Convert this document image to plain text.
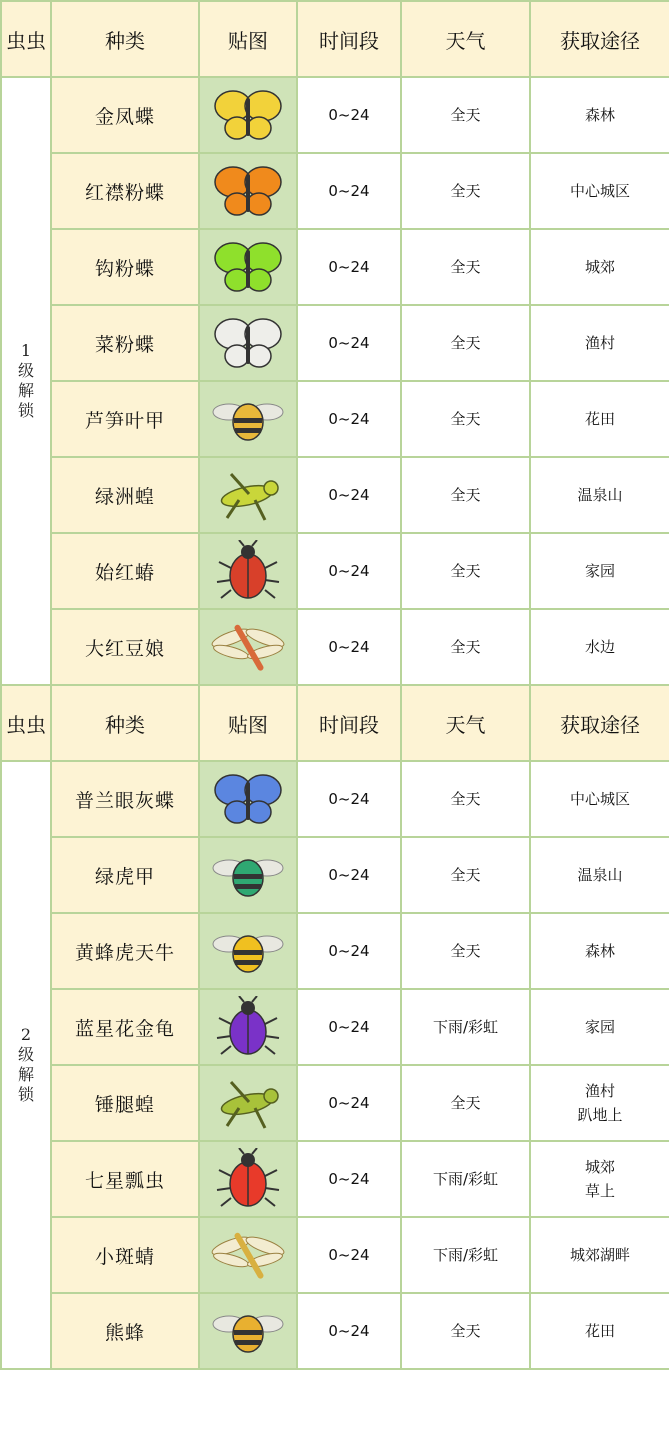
虫虫	种类	贴图	时间段	天气	获取途径

1
级
解
锁	金凤蝶		0~24	全天	森林
	红襟粉蝶		0~24	全天	中心城区
	钩粉蝶		0~24	全天	城郊
	菜粉蝶		0~24	全天	渔村
	芦笋叶甲		0~24	全天	花田
	绿洲蝗		0~24	全天	温泉山
	始红蝽		0~24	全天	家园
	大红豆娘		0~24	全天	水边
虫虫	种类	贴图	时间段	天气	获取途径

2
级
解
锁	普兰眼灰蝶		0~24	全天	中心城区
	绿虎甲		0~24	全天	温泉山
	黄蜂虎天牛		0~24	全天	森林
	蓝星花金龟		0~24	下雨/彩虹	家园
	锤腿蝗		0~24	全天	渔村
趴地上
	七星瓢虫		0~24	下雨/彩虹	城郊
草上
	小斑蜻		0~24	下雨/彩虹	城郊湖畔
	熊蜂		0~24	全天	花田
